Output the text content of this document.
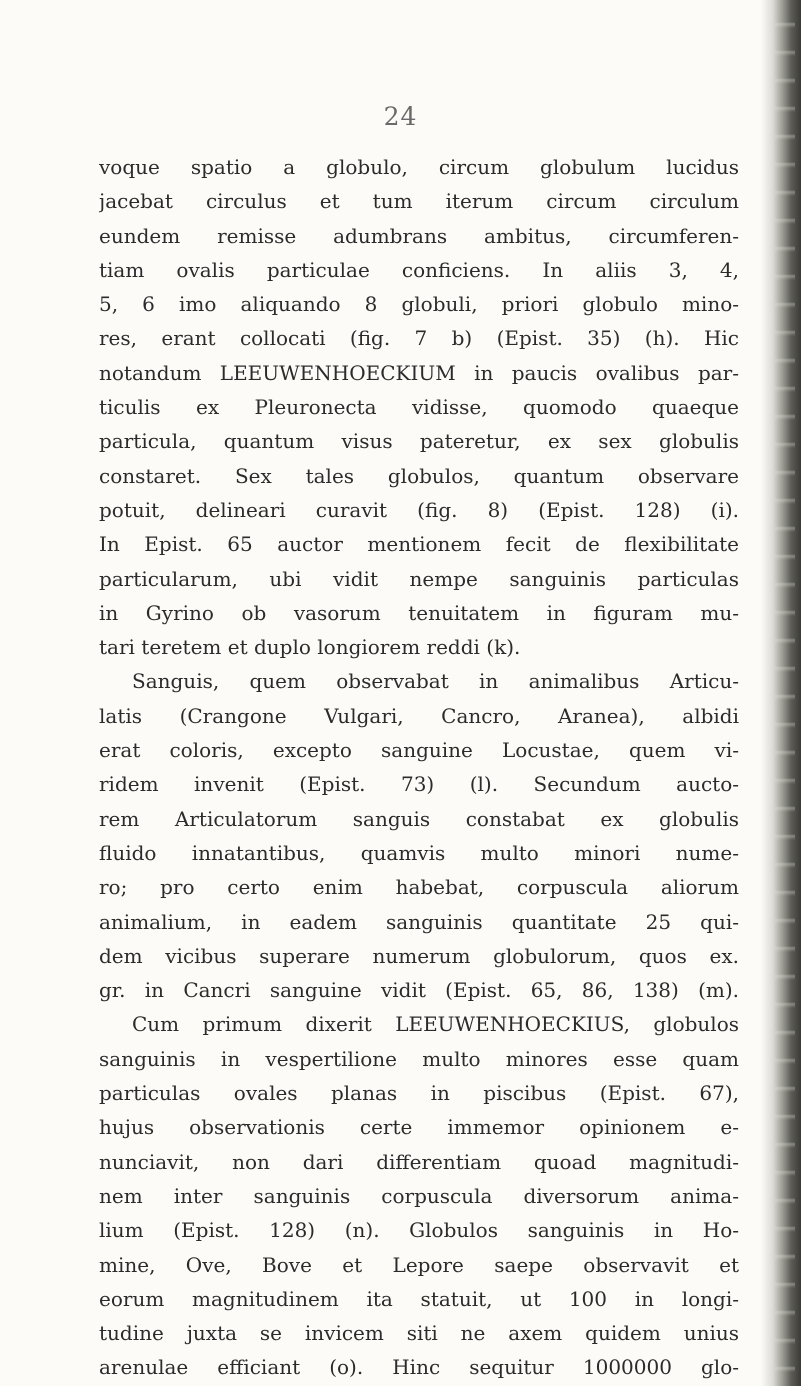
24
voque spatio a globulo, circum globulum lucidus
jacebat circulus et tum iterum circum circulum
eundem remisse adumbrans ambitus, circumferen-
tiam ovalis particulae conficiens. In aliis 3, 4,
5, 6 imo aliquando 8 globuli, priori globulo mino-
res, erant collocati (fig. 7 b) (Epist. 35) (h). Hic
notandum LEEUWENHOECKIUM in paucis ovalibus par-
ticulis ex Pleuronecta vidisse, quomodo quaeque
particula, quantum visus pateretur, ex sex globulis
constaret. Sex tales globulos, quantum observare
potuit, delineari curavit (fig. 8) (Epist. 128) (i).
In Epist. 65 auctor mentionem fecit de flexibilitate
particularum, ubi vidit nempe sanguinis particulas
in Gyrino ob vasorum tenuitatem in figuram mu-
tari teretem et duplo longiorem reddi (k).
Sanguis, quem observabat in animalibus Articu-
latis (Crangone Vulgari, Cancro, Aranea), albidi
erat coloris, excepto sanguine Locustae, quem vi-
ridem invenit (Epist. 73) (l). Secundum aucto-
rem Articulatorum sanguis constabat ex globulis
fluido innatantibus, quamvis multo minori nume-
ro; pro certo enim habebat, corpuscula aliorum
animalium, in eadem sanguinis quantitate 25 qui-
dem vicibus superare numerum globulorum, quos ex.
gr. in Cancri sanguine vidit (Epist. 65, 86, 138) (m).
Cum primum dixerit LEEUWENHOECKIUS, globulos
sanguinis in vespertilione multo minores esse quam
particulas ovales planas in piscibus (Epist. 67),
hujus observationis certe immemor opinionem e-
nunciavit, non dari differentiam quoad magnitudi-
nem inter sanguinis corpuscula diversorum anima-
lium (Epist. 128) (n). Globulos sanguinis in Ho-
mine, Ove, Bove et Lepore saepe observavit et
eorum magnitudinem ita statuit, ut 100 in longi-
tudine juxta se invicem siti ne axem quidem unius
arenulae efficiant (o). Hinc sequitur 1000000 glo-
